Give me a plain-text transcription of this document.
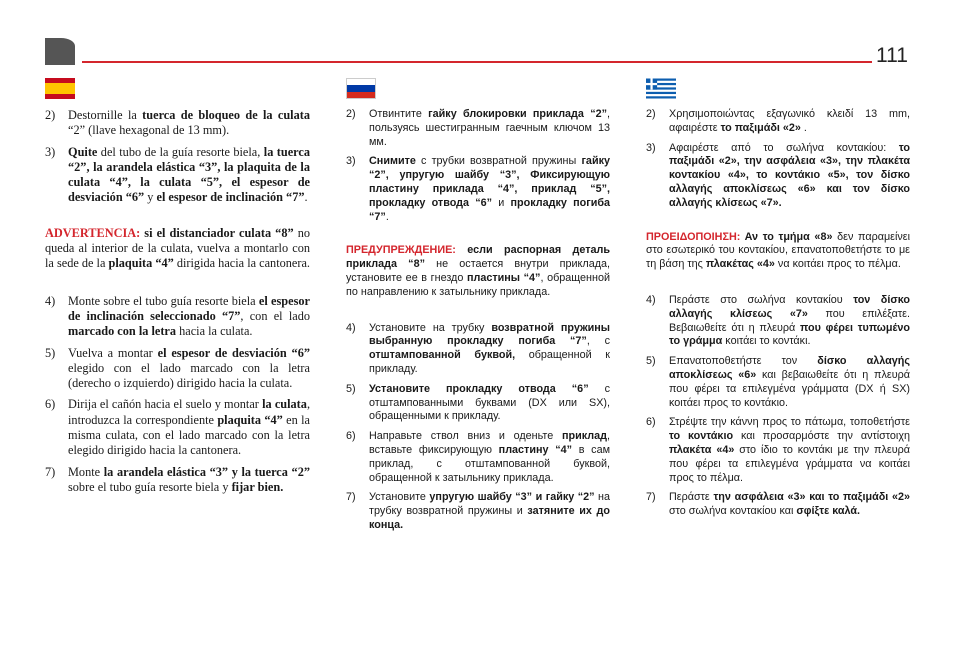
111
2)	Destornille la tuerca de bloqueo de la culata “2” (llave hexagonal de 13 mm).
3)	Quite del tubo de la guía resorte biela, la tuerca “2”, la arandela elástica “3”, la plaquita de la culata “4”, la culata “5”, el espesor de desviación “6” y el espesor de inclinación “7”.
ADVERTENCIA: si el distanciador culata “8” no queda al interior de la culata, vuelva a montarlo con la sede de la plaquita “4” dirigida hacia la cantonera.
4)	Monte sobre el tubo guía resorte biela el espesor de inclinación seleccionado “7”, con el lado marcado con la letra hacia la culata.
5)	Vuelva a montar el espesor de desviación “6” elegido con el lado marcado con la letra (derecho o izquierdo) dirigido hacia la culata.
6)	Dirija el cañón hacia el suelo y montar la culata, introduzca la correspondiente plaquita “4” en la misma culata, con el lado marcado con la letra elegido dirigido hacia la cantonera.
7)	Monte la arandela elástica “3” y la tuerca “2” sobre el tubo guía resorte biela y fijar bien.
2)	Отвинтите гайку блокировки приклада “2”, пользуясь шестигранным гаечным ключом 13 мм.
3)	Снимите с трубки возвратной пружины гайку “2”, упругую шайбу “3”, Фиксирующую пластину приклада “4”, приклад “5”, прокладку отвода “6” и прокладку погиба “7”.
ПРЕДУПРЕЖДЕНИЕ: если распорная деталь приклада “8” не остается внутри приклада, установите ее в гнездо пластины “4”, обращенной по направлению к затыльнику приклада.
4)	Установите на трубку возвратной пружины выбранную прокладку погиба “7”, с отштампованной буквой, обращенной к прикладу.
5)	Установите прокладку отвода “6” с отштампованными буквами (DX или SX), обращенными к прикладу.
6)	Направьте ствол вниз и оденьте приклад, вставьте фиксирующую пластину “4” в сам приклад, с отштампованной буквой, обращенной к затыльнику приклада.
7)	Установите упругую шайбу “3” и гайку “2” на трубку возвратной пружины и затяните их до конца.
2)	Χρησιμοποιώντας εξαγωνικό κλειδί 13 mm, αφαιρέστε το παξιμάδι «2» .
3)	Αφαιρέστε από το σωλήνα κοντακίου: το παξιμάδι «2», την ασφάλεια «3», την πλακέτα κοντακίου «4», το κοντάκιο «5», τον δίσκο αλλαγής αποκλίσεως «6» και τον δίσκο αλλαγής κλίσεως «7».
ΠΡΟΕΙΔΟΠΟΙΗΣΗ: Αν το τμήμα «8» δεν παραμείνει στο εσωτερικό του κοντακίου, επανατοποθετήστε το με τη βάση της πλακέτας «4» να κοιτάει προς το πέλμα.
4)	Περάστε στο σωλήνα κοντακίου τον δίσκο αλλαγής κλίσεως «7» που επιλέξατε. Βεβαιωθείτε ότι η πλευρά που φέρει τυπωμένο το γράμμα κοιτάει το κοντάκι.
5)	Επανατοποθετήστε τον δίσκο αλλαγής αποκλίσεως «6» και βεβαιωθείτε ότι η πλευρά που φέρει τα επιλεγμένα γράμματα (DX ή SX) κοιτάει προς το κοντάκιο.
6)	Στρέψτε την κάννη προς το πάτωμα, τοποθετήστε το κοντάκιο και προσαρμόστε την αντίστοιχη πλακέτα «4» στο ίδιο το κοντάκι με την πλευρά που φέρει τα επιλεγμένα γράμματα να κοιτάει προς το πέλμα.
7)	Περάστε την ασφάλεια «3» και το παξιμάδι «2» στο σωλήνα κοντακίου και σφίξτε καλά.
